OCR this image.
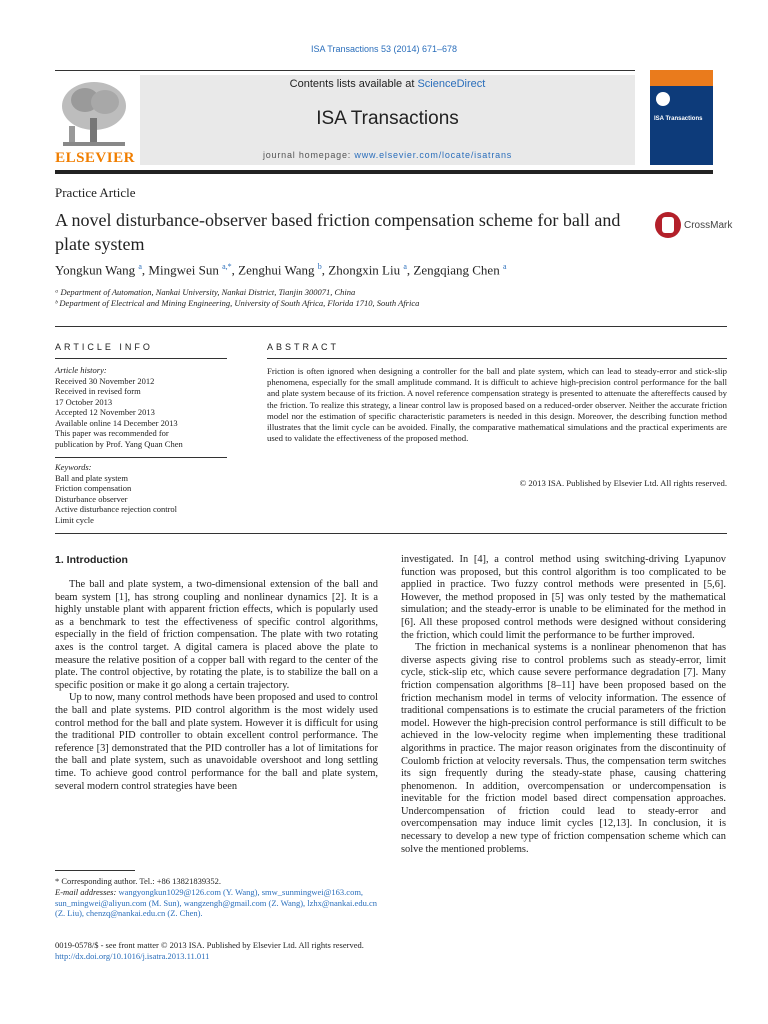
ISA Transactions 53 (2014) 671–678
ELSEVIER
Contents lists available at ScienceDirect
ISA Transactions
journal homepage: www.elsevier.com/locate/isatrans
ISA Transactions
Practice Article
A novel disturbance-observer based friction compensation scheme for ball and plate system
CrossMark
Yongkun Wang $^a$, Mingwei Sun $^{a,*}$, Zenghui Wang $^b$, Zhongxin Liu $^a$, Zengqiang Chen $^a$
ᵃ Department of Automation, Nankai University, Nankai District, Tianjin 300071, China
ᵇ Department of Electrical and Mining Engineering, University of South Africa, Florida 1710, South Africa
ARTICLE INFO
Article history:
Received 30 November 2012
Received in revised form
17 October 2013
Accepted 12 November 2013
Available online 14 December 2013
This paper was recommended for
publication by Prof. Yang Quan Chen
Keywords:
Ball and plate system
Friction compensation
Disturbance observer
Active disturbance rejection control
Limit cycle
ABSTRACT
Friction is often ignored when designing a controller for the ball and plate system, which can lead to steady-error and stick-slip phenomena, especially for the small amplitude command. It is difficult to achieve high-precision control performance for the ball and plate system because of its friction. A novel reference compensation strategy is presented to attenuate the aftereffects caused by the friction. To realize this strategy, a linear control law is proposed based on a reduced-order observer. Neither the accurate friction model nor the estimation of specific characteristic parameters is needed in this design. Moreover, the describing function method illustrates that the limit cycle can be avoided. Finally, the comparative mathematical simulations and the practical experiments are used to validate the effectiveness of the proposed method.
© 2013 ISA. Published by Elsevier Ltd. All rights reserved.
1. Introduction

The ball and plate system, a two-dimensional extension of the ball and beam system [1], has strong coupling and nonlinear dynamics [2]. It is a highly unstable plant with apparent friction effects, which is popularly used as a benchmark to test the effectiveness of specific control algorithms, especially in the field of friction compensation. The plate with two rotating axes is the control target. A digital camera is placed above the plate to measure the relative position of a copper ball with regard to the center of the plate. The control objective, by rotating the plate, is to stabilize the ball on a specific position or make it go along a certain trajectory.

Up to now, many control methods have been proposed and used to control the ball and plate systems. PID control algorithm is the most widely used control method for the ball and plate system. However it is difficult for using the traditional PID controller to obtain excellent control performance. The reference [3] demonstrated that the PID controller has a lot of limitations for the ball and plate system, such as unavoidable overshoot and long settling time. To achieve good control performance for the ball and plate system, several modern control strategies have been

investigated. In [4], a control method using switching-driving Lyapunov function was proposed, but this control algorithm is too complicated to be applied in practice. Two fuzzy control methods were presented in [5,6]. However, the method proposed in [5] was only tested by the mathematical simulation; and the steady-error is unable to be eliminated for the method in [6]. All these proposed control methods were designed without considering the friction, which could limit the performance to be further improved.

The friction in mechanical systems is a nonlinear phenomenon that has diverse aspects giving rise to control problems such as steady-error, limit cycle, stick-slip etc, which cause severe performance degradation [7]. Many friction compensation algorithms [8–11] have been proposed based on the friction mechanism model in terms of velocity information. The essence of traditional compensations is to estimate the crucial parameters of the friction model. However the high-precision control performance is still difficult to be achieved in the low-velocity regime when implementing these traditional algorithms in practice. The major reason originates from the discontinuity of Coulomb friction at velocity reversals. Thus, the compensation term switches its sign frequently during the steady-state phase, causing chattering phenomenon. In addition, overcompensation or undercompensation is inevitable for the friction model based direct compensation approaches. Undercompensation of friction could lead to steady-error and overcompensation may induce limit cycles [12,13]. In conclusion, it is necessary to develop a new type of friction compensation scheme which can solve the mentioned problems.

* Corresponding author. Tel.: +86 13821839352.
E-mail addresses: wangyongkun1029@126.com (Y. Wang), smw_sunmingwei@163.com, sun_mingwei@aliyun.com (M. Sun), wangzengh@gmail.com (Z. Wang), lzhx@nankai.edu.cn (Z. Liu), chenzq@nankai.edu.cn (Z. Chen).
0019-0578/$ - see front matter © 2013 ISA. Published by Elsevier Ltd. All rights reserved.
http://dx.doi.org/10.1016/j.isatra.2013.11.011
